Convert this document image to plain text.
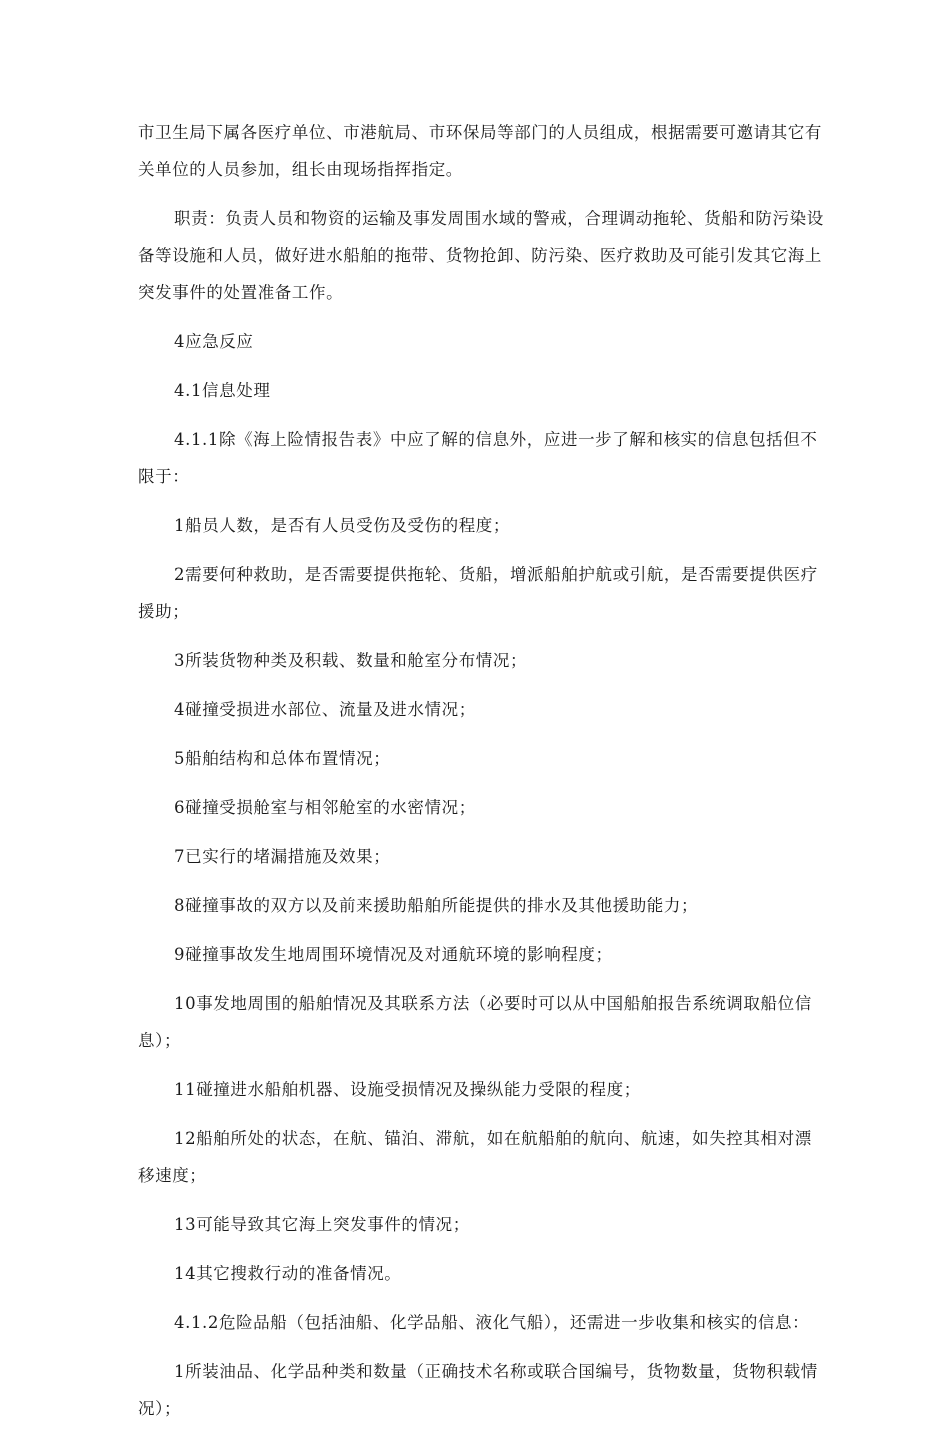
市卫生局下属各医疗单位、市港航局、市环保局等部门的人员组成，根据需要可邀请其它有关单位的人员参加，组长由现场指挥指定。

职责：负责人员和物资的运输及事发周围水域的警戒，合理调动拖轮、货船和防污染设备等设施和人员，做好进水船舶的拖带、货物抢卸、防污染、医疗救助及可能引发其它海上突发事件的处置准备工作。

4应急反应

4.1信息处理

4.1.1除《海上险情报告表》中应了解的信息外，应进一步了解和核实的信息包括但不限于：

1船员人数，是否有人员受伤及受伤的程度；

2需要何种救助，是否需要提供拖轮、货船，增派船舶护航或引航，是否需要提供医疗援助；

3所装货物种类及积载、数量和舱室分布情况；

4碰撞受损进水部位、流量及进水情况；

5船舶结构和总体布置情况；

6碰撞受损舱室与相邻舱室的水密情况；

7已实行的堵漏措施及效果；

8碰撞事故的双方以及前来援助船舶所能提供的排水及其他援助能力；

9碰撞事故发生地周围环境情况及对通航环境的影响程度；

10事发地周围的船舶情况及其联系方法（必要时可以从中国船舶报告系统调取船位信息）；

11碰撞进水船舶机器、设施受损情况及操纵能力受限的程度；

12船舶所处的状态，在航、锚泊、滞航，如在航船舶的航向、航速，如失控其相对漂移速度；

13可能导致其它海上突发事件的情况；

14其它搜救行动的准备情况。

4.1.2危险品船（包括油船、化学品船、液化气船），还需进一步收集和核实的信息：

1所装油品、化学品种类和数量（正确技术名称或联合国编号，货物数量，货物积载情况）；
